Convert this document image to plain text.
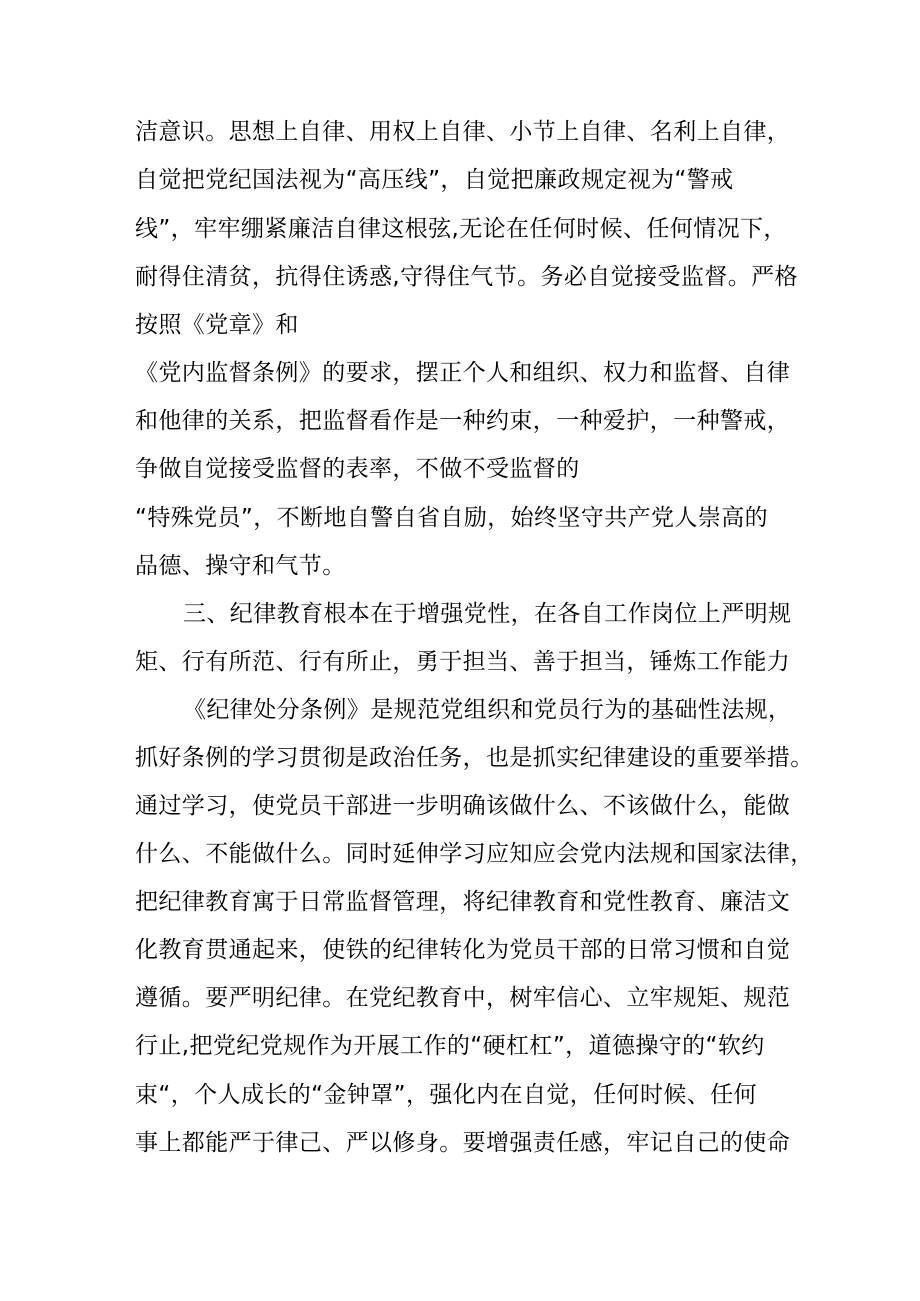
洁意识。思想上自律、用权上自律、小节上自律、名利上自律，
自觉把党纪国法视为“高压线”，自觉把廉政规定视为“警戒
线”，牢牢绷紧廉洁自律这根弦,无论在任何时候、任何情况下，
耐得住清贫，抗得住诱惑,守得住气节。务必自觉接受监督。严格
按照《党章》和
《党内监督条例》的要求，摆正个人和组织、权力和监督、自律
和他律的关系，把监督看作是一种约束，一种爱护，一种警戒，
争做自觉接受监督的表率，不做不受监督的
“特殊党员”，不断地自警自省自励，始终坚守共产党人崇高的
品德、操守和气节。
三、纪律教育根本在于增强党性，在各自工作岗位上严明规
矩、行有所范、行有所止，勇于担当、善于担当，锤炼工作能力
《纪律处分条例》是规范党组织和党员行为的基础性法规，
抓好条例的学习贯彻是政治任务，也是抓实纪律建设的重要举措。
通过学习，使党员干部进一步明确该做什么、不该做什么，能做
什么、不能做什么。同时延伸学习应知应会党内法规和国家法律，
把纪律教育寓于日常监督管理，将纪律教育和党性教育、廉洁文
化教育贯通起来，使铁的纪律转化为党员干部的日常习惯和自觉
遵循。要严明纪律。在党纪教育中，树牢信心、立牢规矩、规范
行止,把党纪党规作为开展工作的“硬杠杠”，道德操守的“软约
束“，个人成长的“金钟罩”，强化内在自觉，任何时候、任何
事上都能严于律己、严以修身。要增强责任感，牢记自己的使命
